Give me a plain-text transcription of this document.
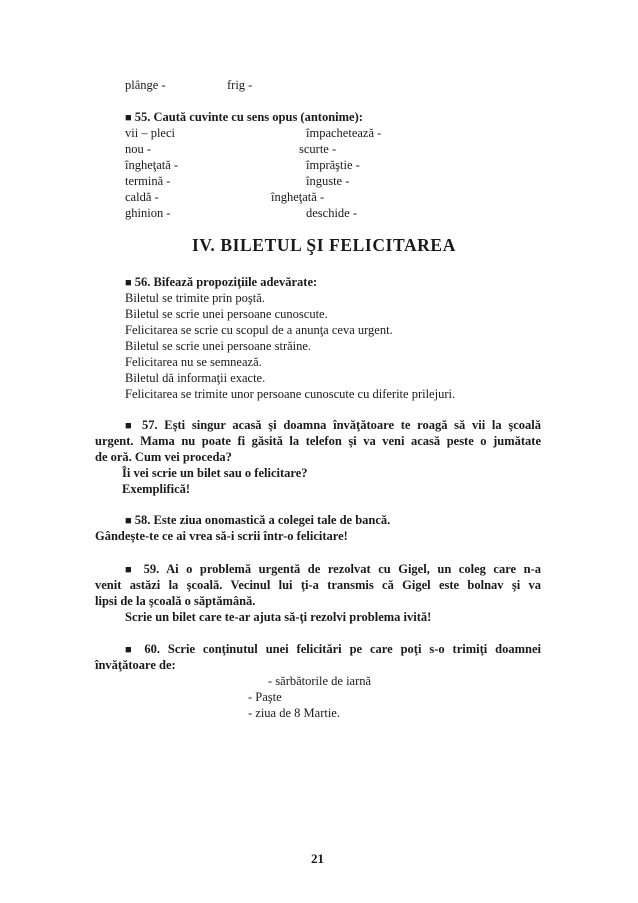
plânge -	frig -
■ 55. Caută cuvinte cu sens opus (antonime):
vii – pleci
nou -
îngheţată -
termină -
caldă -
ghinion -
împachetează -
scurte -
împrăştie -
înguste -
îngheţată -
deschide -
IV. BILETUL ŞI FELICITAREA
■ 56. Bifează propoziţiile adevărate:
Biletul se trimite prin poştă.
Biletul se scrie unei persoane cunoscute.
Felicitarea se scrie cu scopul de a anunţa ceva urgent.
Biletul se scrie unei persoane străine.
Felicitarea nu se semnează.
Biletul dă informaţii exacte.
Felicitarea se trimite unor persoane cunoscute cu diferite prilejuri.
■ 57. Eşti singur acasă şi doamna învăţătoare te roagă să vii la şcoală
urgent. Mama nu poate fi găsită la telefon şi va veni acasă peste o jumătate
de oră. Cum vei proceda?
Îi vei scrie un bilet sau o felicitare?
Exemplifică!
■ 58. Este ziua onomastică a colegei tale de bancă.
Gândeşte-te ce ai vrea să-i scrii într-o felicitare!
■ 59. Ai o problemă urgentă de rezolvat cu Gigel, un coleg care n-a
venit astăzi la şcoală. Vecinul lui ţi-a transmis că Gigel este bolnav şi va
lipsi de la şcoală o săptămână.
Scrie un bilet care te-ar ajuta să-ţi rezolvi problema ivită!
■ 60. Scrie conţinutul unei felicitări pe care poţi s-o trimiţi doamnei
învăţătoare de:
- sărbătorile de iarnă
- Paşte
- ziua de 8 Martie.
21
